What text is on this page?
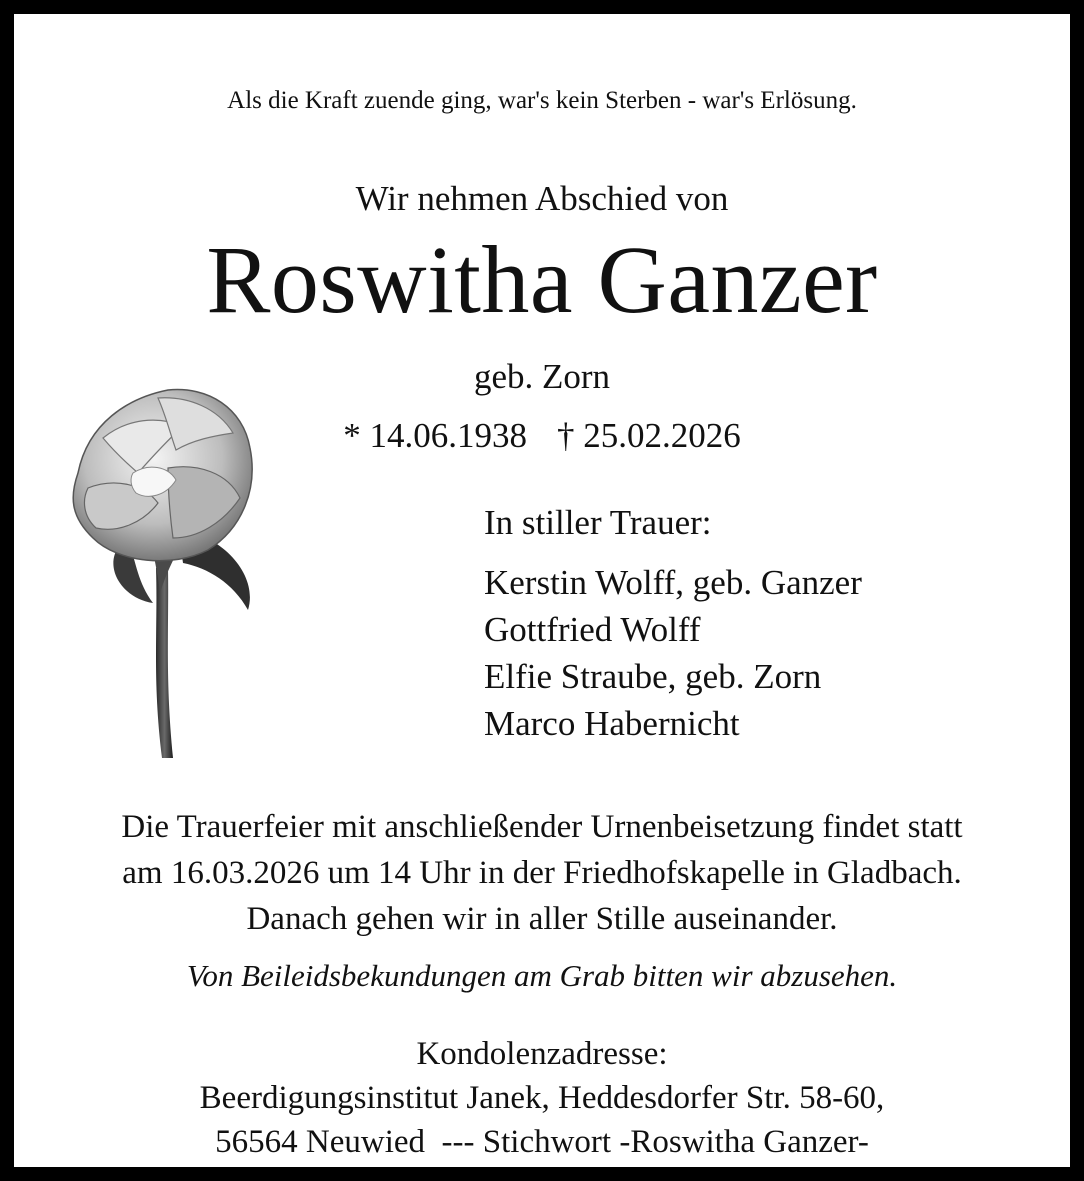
Als die Kraft zuende ging, war's kein Sterben - war's Erlösung.
Wir nehmen Abschied von
Roswitha Ganzer
geb. Zorn
* 14.06.1938 † 25.02.2026
In stiller Trauer:
Kerstin Wolff, geb. Ganzer
Gottfried Wolff
Elfie Straube, geb. Zorn
Marco Habernicht
Die Trauerfeier mit anschließender Urnenbeisetzung findet statt
am 16.03.2026 um 14 Uhr in der Friedhofskapelle in Gladbach.
Danach gehen wir in aller Stille auseinander.
Von Beileidsbekundungen am Grab bitten wir abzusehen.
Kondolenzadresse:
Beerdigungsinstitut Janek, Heddesdorfer Str. 58-60,
56564 Neuwied  --- Stichwort -Roswitha Ganzer-
